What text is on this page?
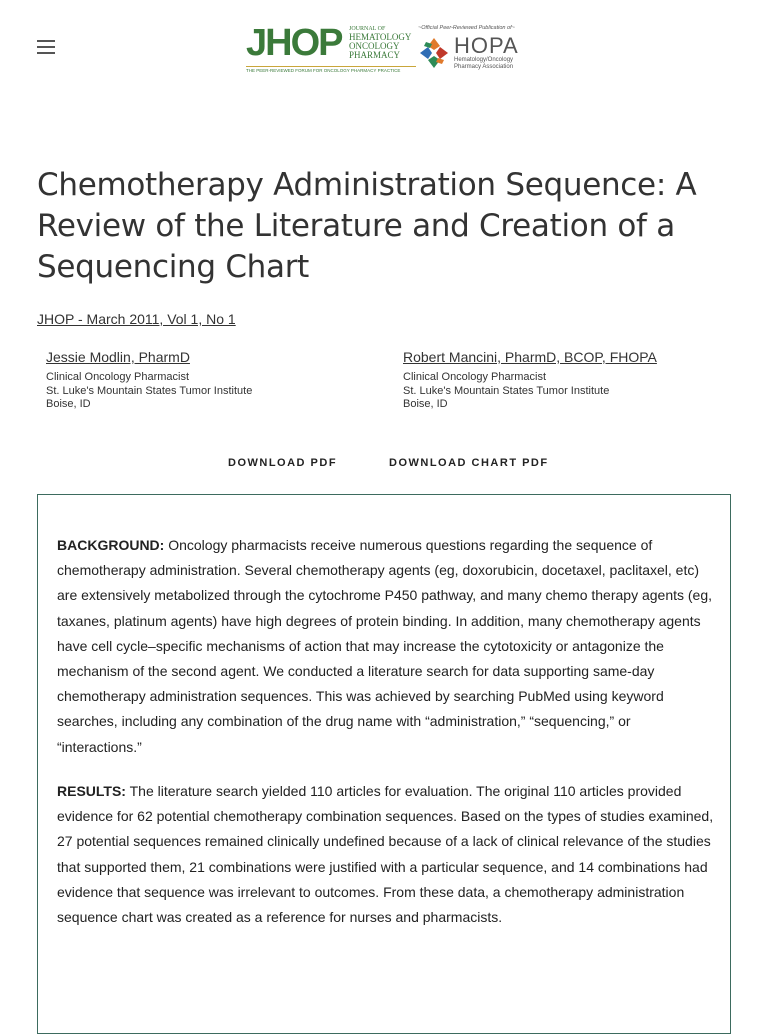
JHOP JOURNAL OF
HEMATOLOGY
ONCOLOGY
PHARMACY
THE PEER-REVIEWED FORUM FOR ONCOLOGY PHARMACY PRACTICE
~Official Peer-Reviewed Publication of~
HOPA
Hematology/Oncology
Pharmacy Association
Chemotherapy Administration Sequence: A Review of the Literature and Creation of a Sequencing Chart
JHOP - March 2011, Vol 1, No 1
Jessie Modlin, PharmD
Clinical Oncology Pharmacist
St. Luke's Mountain States Tumor Institute
Boise, ID
Robert Mancini, PharmD, BCOP, FHOPA
Clinical Oncology Pharmacist
St. Luke's Mountain States Tumor Institute
Boise, ID
DOWNLOAD PDF	DOWNLOAD CHART PDF

BACKGROUND: Oncology pharmacists receive numerous questions regarding the sequence of chemotherapy administration. Several chemotherapy agents (eg, doxorubicin, docetaxel, paclitaxel, etc) are extensively metabolized through the cytochrome P450 pathway, and many chemo therapy agents (eg, taxanes, platinum agents) have high degrees of protein binding. In addition, many chemotherapy agents have cell cycle–specific mechanisms of action that may increase the cytotoxicity or antagonize the mechanism of the second agent. We conducted a literature search for data supporting same-day chemotherapy administration sequences. This was achieved by searching PubMed using keyword searches, including any combination of the drug name with “administration,” “sequencing,” or “interactions.”

RESULTS: The literature search yielded 110 articles for evaluation. The original 110 articles provided evidence for 62 potential chemotherapy combination sequences. Based on the types of studies examined, 27 potential sequences remained clinically undefined because of a lack of clinical relevance of the studies that supported them, 21 combinations were justified with a particular sequence, and 14 combinations had evidence that sequence was irrelevant to outcomes. From these data, a chemotherapy administration sequence chart was created as a reference for nurses and pharmacists.
